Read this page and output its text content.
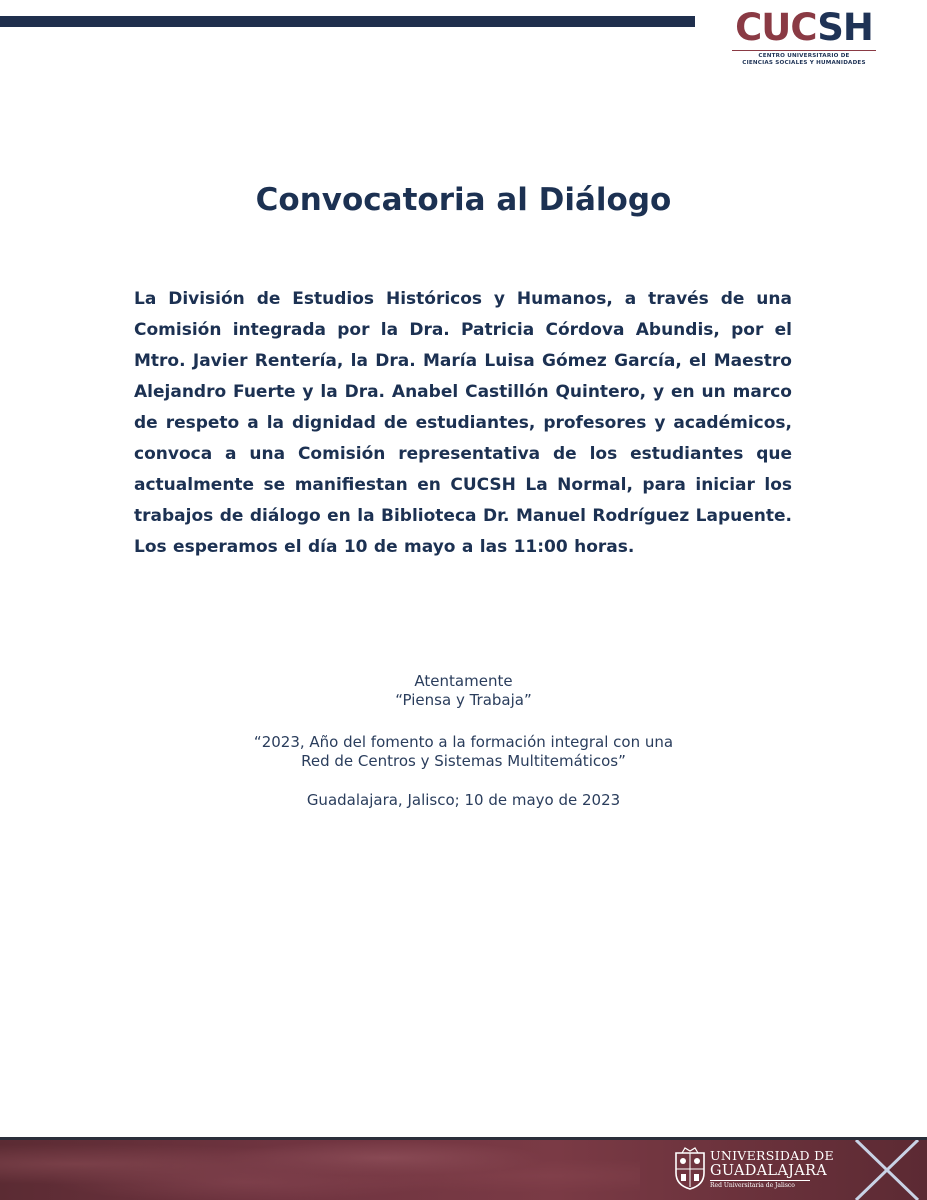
CUCSH
CENTRO UNIVERSITARIO DE
CIENCIAS SOCIALES Y HUMANIDADES
Convocatoria al Diálogo

La División de Estudios Históricos y Humanos, a través de una Comisión integrada por la Dra. Patricia Córdova Abundis, por el Mtro. Javier Rentería, la Dra. María Luisa Gómez García, el Maestro Alejandro Fuerte y la Dra. Anabel Castillón Quintero, y en un marco de respeto a la dignidad de estudiantes, profesores y académicos, convoca a una Comisión representativa de los estudiantes que actualmente se manifiestan en CUCSH La Normal, para iniciar los trabajos de diálogo en la Biblioteca Dr. Manuel Rodríguez Lapuente. Los esperamos el día 10 de mayo a las 11:00 horas.

Atentamente
“Piensa y Trabaja”
“2023, Año del fomento a la formación integral con una
Red de Centros y Sistemas Multitemáticos”
Guadalajara, Jalisco; 10 de mayo de 2023
UNIVERSIDAD DE
GUADALAJARA
Red Universitaria de Jalisco
